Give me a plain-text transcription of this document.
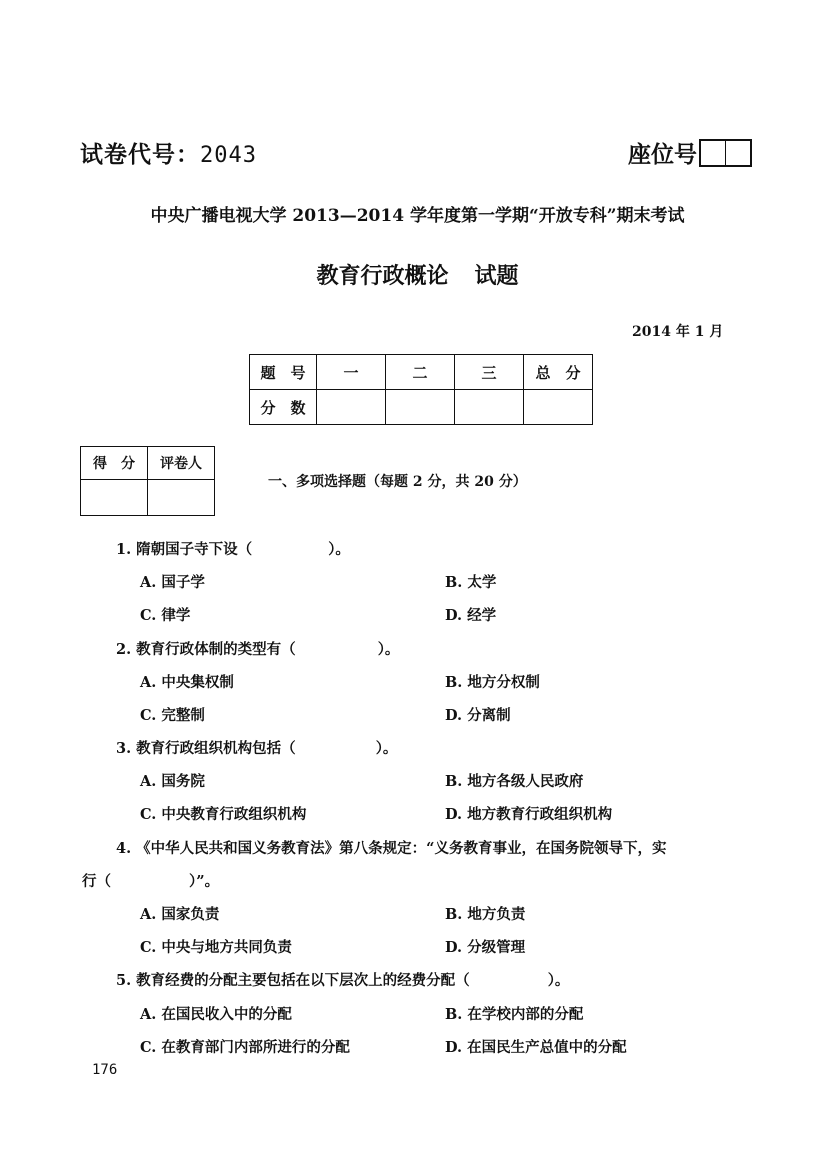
试卷代号：2043	座位号
中央广播电视大学 2013—2014 学年度第一学期“开放专科”期末考试
教育行政概论 试题
2014 年 1 月
题　号	一	二	三	总　分
分　数				
得　分	评卷人

一、多项选择题（每题 2 分，共 20 分）
1. 隋朝国子寺下设（	）。
A. 国子学	B. 太学
C. 律学	D. 经学
2. 教育行政体制的类型有（	）。
A. 中央集权制	B. 地方分权制
C. 完整制	D. 分离制
3. 教育行政组织机构包括（	）。
A. 国务院	B. 地方各级人民政府
C. 中央教育行政组织机构	D. 地方教育行政组织机构
4. 《中华人民共和国义务教育法》第八条规定：“义务教育事业，在国务院领导下，实
行（	）”。
A. 国家负责	B. 地方负责
C. 中央与地方共同负责	D. 分级管理
5. 教育经费的分配主要包括在以下层次上的经费分配（	）。
A. 在国民收入中的分配	B. 在学校内部的分配
C. 在教育部门内部所进行的分配	D. 在国民生产总值中的分配
176
